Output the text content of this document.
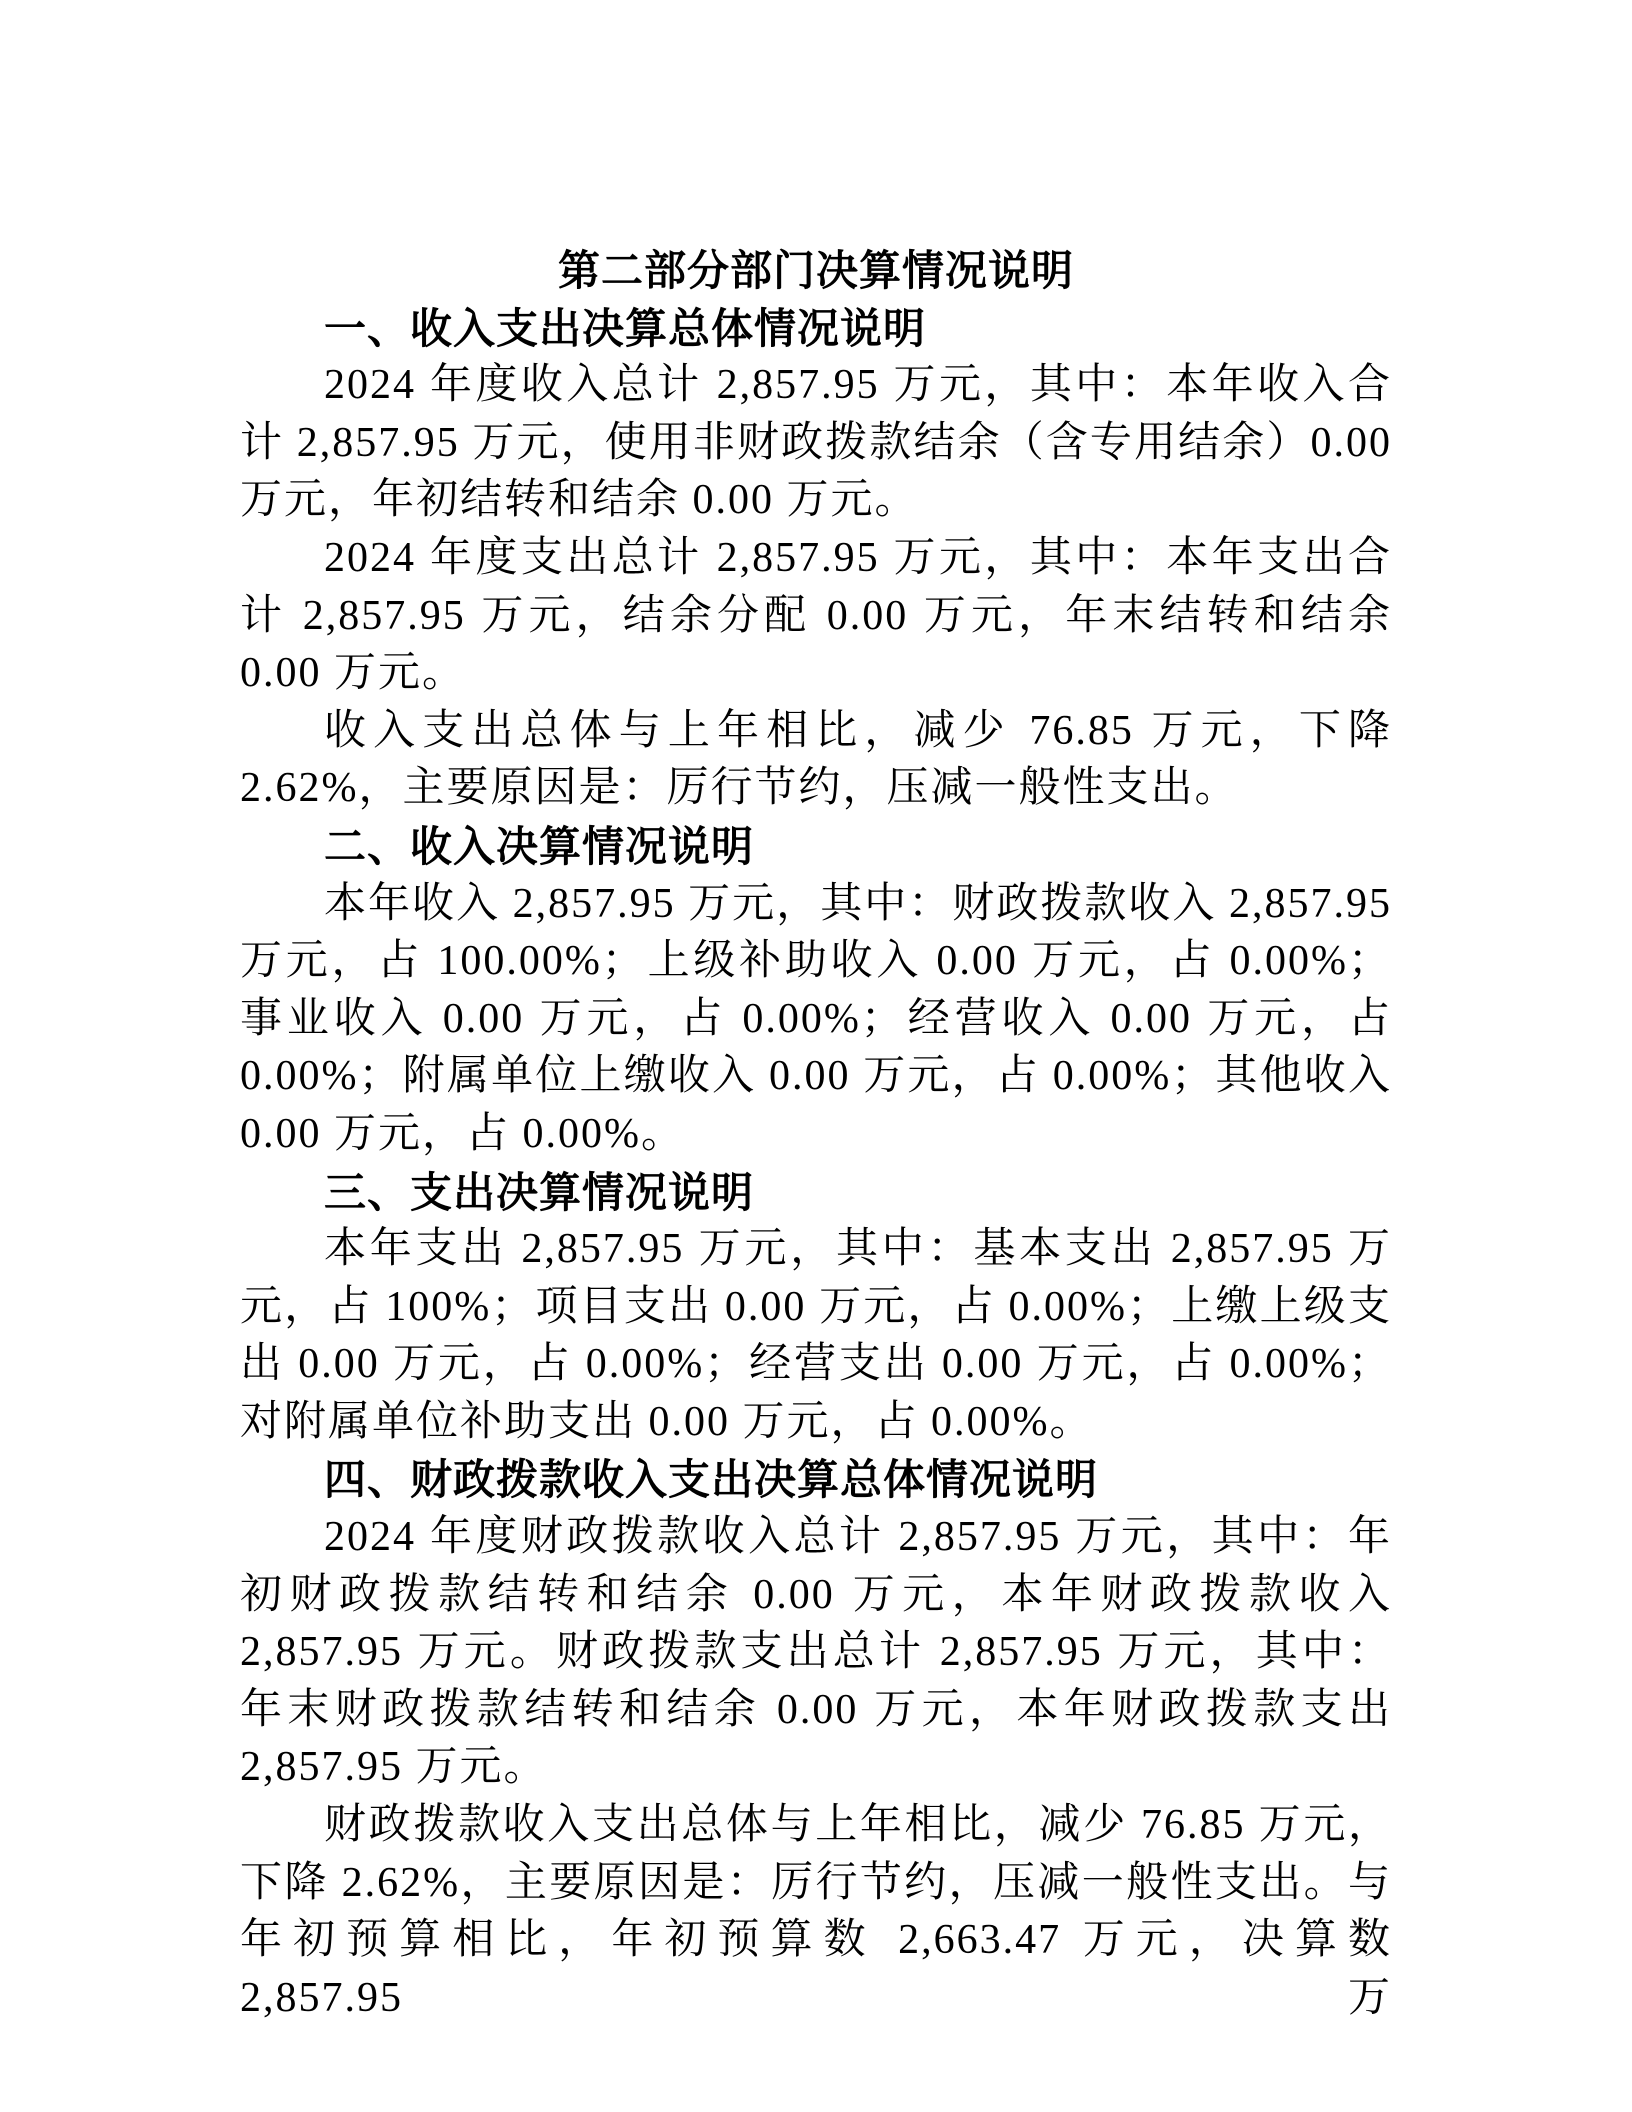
第二部分部门决算情况说明
一、收入支出决算总体情况说明

2024 年度收入总计 2,857.95 万元，其中：本年收入合计 2,857.95 万元，使用非财政拨款结余（含专用结余）0.00 万元，年初结转和结余 0.00 万元。

2024 年度支出总计 2,857.95 万元，其中：本年支出合计 2,857.95 万元，结余分配 0.00 万元，年末结转和结余 0.00 万元。

收入支出总体与上年相比，减少 76.85 万元，下降 2.62%，主要原因是：厉行节约，压减一般性支出。

二、收入决算情况说明

本年收入 2,857.95 万元，其中：财政拨款收入 2,857.95 万元，占 100.00%；上级补助收入 0.00 万元，占 0.00%；事业收入 0.00 万元，占 0.00%；经营收入 0.00 万元，占 0.00%；附属单位上缴收入 0.00 万元，占 0.00%；其他收入 0.00 万元，占 0.00%。

三、支出决算情况说明

本年支出 2,857.95 万元，其中：基本支出 2,857.95 万元，占 100%；项目支出 0.00 万元，占 0.00%；上缴上级支出 0.00 万元，占 0.00%；经营支出 0.00 万元，占 0.00%；对附属单位补助支出 0.00 万元，占 0.00%。

四、财政拨款收入支出决算总体情况说明

2024 年度财政拨款收入总计 2,857.95 万元，其中：年初财政拨款结转和结余 0.00 万元，本年财政拨款收入 2,857.95 万元。财政拨款支出总计 2,857.95 万元，其中：年末财政拨款结转和结余 0.00 万元，本年财政拨款支出 2,857.95 万元。

财政拨款收入支出总体与上年相比，减少 76.85 万元，下降 2.62%，主要原因是：厉行节约，压减一般性支出。与年初预算相比，年初预算数 2,663.47 万元，决算数 2,857.95 万
